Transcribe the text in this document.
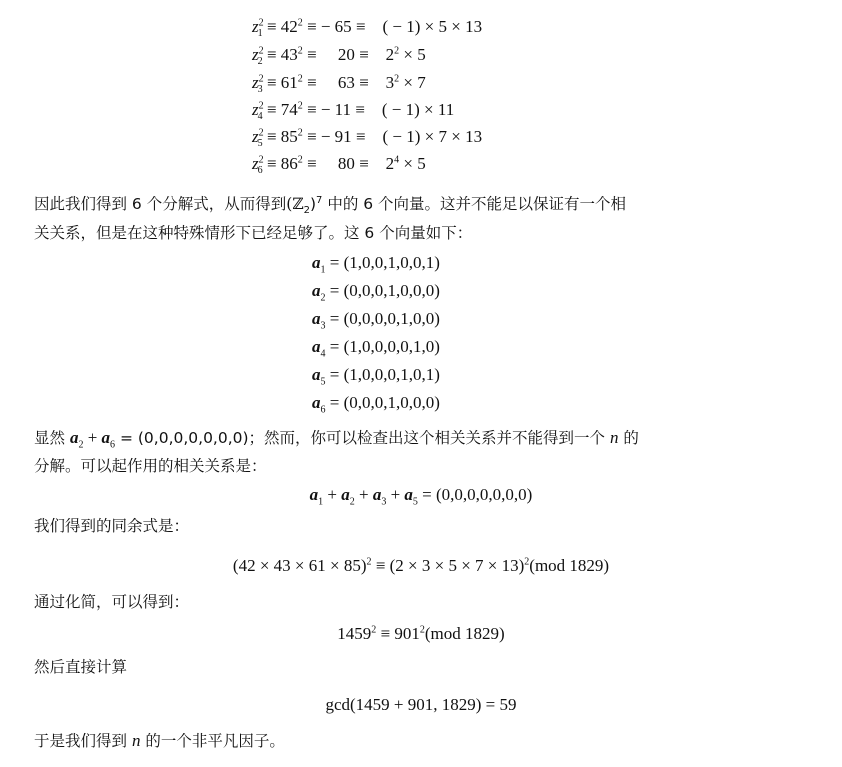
$z^2_1 \equiv 42^2$ ≡ − 65 ≡ ( − 1) × 5 × 13
$z^2_2 \equiv 43^2$ ≡     $20 \equiv 2^2 \times 5$
$z^2_3 \equiv 61^2$ ≡     $63 \equiv 3^2 \times 7$
$z^2_4 \equiv 74^2$ ≡ − 11 ≡ ( − 1) × 11
$z^2_5 \equiv 85^2$ ≡ − 91 ≡ ( − 1) × 7 × 13
$z^2_6 \equiv 86^2$ ≡     $80 \equiv 2^4 \times 5$
因此我们得到 6 个分解式，从而得到(ℤ$_2$)$^7$ 中的 6 个向量。这并不能足以保证有一个相
关关系，但是在这种特殊情形下已经足够了。这 6 个向量如下：
$a_1 = (1,0,0,1,0,0,1)$
$a_2 = (0,0,0,1,0,0,0)$
$a_3 = (0,0,0,0,1,0,0)$
$a_4 = (1,0,0,0,0,1,0)$
$a_5 = (1,0,0,0,1,0,1)$
$a_6 = (0,0,0,1,0,0,0)$
显然 $a_2 + a_6 = (0,0,0,0,0,0,0)$；然而，你可以检查出这个相关关系并不能得到一个 n 的
分解。可以起作用的相关关系是：
$a_1 + a_2 + a_3 + a_5 = (0,0,0,0,0,0,0)$
我们得到的同余式是：
$(42 \times 43 \times 61 \times 85)^2 \equiv (2 \times 3 \times 5 \times 7 \times 13)^2(mod$ 1829)
通过化简，可以得到：
$1459^2 \equiv 901^2(mod$ 1829)
然后直接计算
gcd(1459 + 901, 1829) = 59
于是我们得到 n 的一个非平凡因子。
